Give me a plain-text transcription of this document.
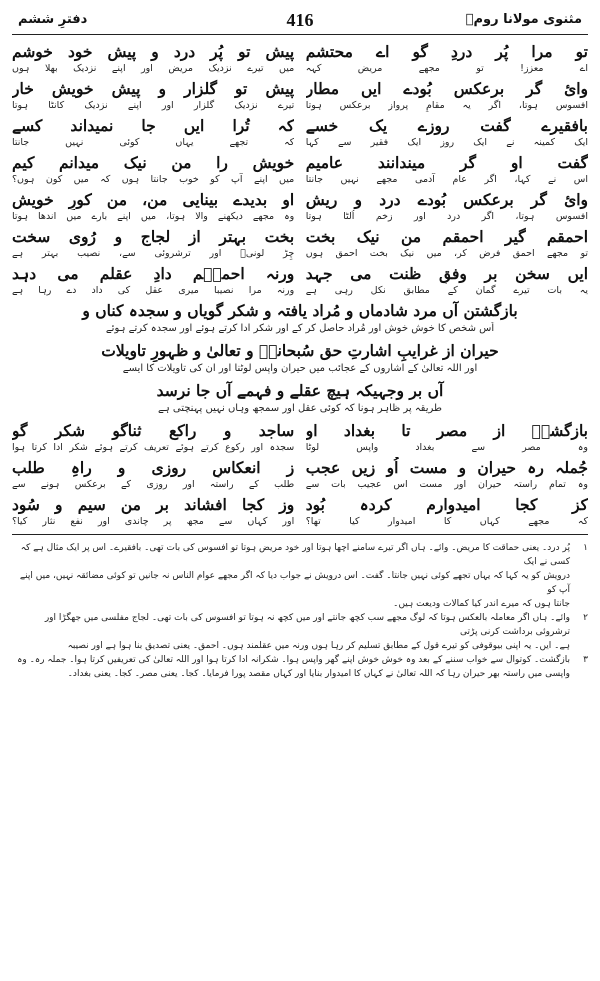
مثنوی مولانا رومؒ
416
دفترِ ششم
تو مرا پُر دردِ گو اے محتشم
پیش تو پُر درد و پیش خود خوشم
اے معزز! تو مجھے مریض کہہ
میں تیرے نزدیک مریض اور اپنے نزدیک بھلا ہوں
وائ گر برعکس بُودے ایں مطار
پیش تو گلزار و پیش خویش خار
افسوس ہوتا، اگر یہ مقامِ پرواز برعکس ہوتا
تیرے نزدیک گلزار اور اپنے نزدیک کانٹا ہوتا
بافقیرے گفت روزے یک خسے
کہ تُرا ایں جا نمیداند کسے
ایک کمینہ نے ایک روز ایک فقیر سے کہا
کہ تجھے یہاں کوئی نہیں جانتا
گفت او گر میندانند عامیم
خویش را من نیک میدانم کیم
اس نے کہا، اگر عام آدمی مجھے نہیں جانتا
میں اپنے آپ کو خوب جانتا ہوں کہ میں کون ہوں؟
وائ گر برعکس بُودے درد و ریش
او بدیدے بینایی من، من کورِ خویش
افسوس ہوتا، اگر درد اور زخم اُلٹا ہوتا
وہ مجھے دیکھنے والا ہوتا، میں اپنے بارے میں اندھا ہوتا
احمقم گیر احمقم من نیک بخت
بخت بہتر از لجاج و رُوی سخت
تو مجھے احمق فرض کر، میں نیک بخت احمق ہوں
چِڑ لونیؔ اور ترشروئی سے، نصیب بہتر ہے
ایں سخن بر وفقِ ظنت می جہد
ورنہ احمقؔم دادِ عقلم می دہد
یہ بات تیرے گمان کے مطابق نکل رہی ہے
ورنہ مرا نصیبا میری عقل کی داد دے رہا ہے
بازگشتن آں مرد شادماں و مُراد یافتہ و شکر گویاں و سجدہ کناں و
اُس شخص کا خوش خوش اور مُراد حاصل کر کے اور شکر ادا کرتے ہوئے اور سجدہ کرتے ہوئے
حیران از غرایبِ اشارتِ حق سُبحانہٗ و تعالیٰ و ظہورِ تاویلات
اور اللہ تعالیٰ کے اشاروں کے عجائب میں حیران واپس لوٹنا اور ان کی تاویلات کا ایسے
آں بر وجہیکہ ہیچ عقلے و فہمے آں جا نرسد
طریقہ پر ظاہر ہونا کہ کوئی عقل اور سمجھ وہاں نہیں پہنچتی ہے
بازگشتؔ از مصر تا بغداد او
ساجد و راکع ثناگو شکر گو
وہ مصر سے بغداد واپس لوٹا
سجدہ اور رکوع کرتے ہوئے تعریف کرتے ہوئے شکر ادا کرتا ہوا
جُملہ رہ حیران و مست اُو زیں عجب
ز انعکاسِ روزی و راہِ طلب
وہ تمام راستہ حیران اور مست اس عجیب بات سے
طلب کے راستہ اور روزی کے برعکس ہونے سے
کز کجا امیدوارم کردہ بُود
وز کجا افشاند بر من سیم و سُود
کہ مجھے کہاں کا امیدوار کیا تھا؟
اور کہاں سے مجھ پر چاندی اور نفع نثار کیا؟
۱
پُر درد۔ یعنی حماقت کا مریض۔ وائے۔ ہاں اگر تیرے سامنے اچھا ہوتا اور خود مریض ہوتا تو افسوس کی بات تھی۔ بافقیرے۔ اس پر ایک مثال ہے کہ کسی نے ایک
درویش کو یہ کہا کہ یہاں تجھے کوئی نہیں جانتا۔ گفت۔ اس درویش نے جواب دیا کہ اگر مجھے عوام الناس نہ جانیں تو کوئی مضائقہ نہیں، میں اپنے آپ کو
جانتا ہوں کہ میرے اندر کیا کمالات ودیعت ہیں۔
۲
وائے۔ ہاں اگر معاملہ بالعکس ہوتا کہ لوگ مجھے سب کچھ جانتے اور میں کچھ نہ ہوتا تو افسوس کی بات تھی۔ لجاج مفلسی میں جھگڑا اور ترشروئی برداشت کرنی پڑتی
ہے۔ ایں۔ یہ اپنی بیوقوفی کو تیرے قول کے مطابق تسلیم کر رہا ہوں ورنہ میں عقلمند ہوں۔ احمق۔ یعنی تصدیق بنا ہوا ہے اور نصیبہ
۳
بازگشت۔ کوتوال سے خواب سننے کے بعد وہ خوش خوش اپنے گھر واپس ہوا۔ شکرانہ ادا کرتا ہوا اور اللہ تعالیٰ کی تعریفیں کرتا ہوا۔ جملہ رہ۔ وہ
واپسی میں راستہ بھر حیران رہا کہ اللہ تعالیٰ نے کہاں کا امیدوار بنایا اور کہاں مقصد پورا فرمایا۔ کجا۔ یعنی مصر۔ کجا۔ یعنی بغداد۔
